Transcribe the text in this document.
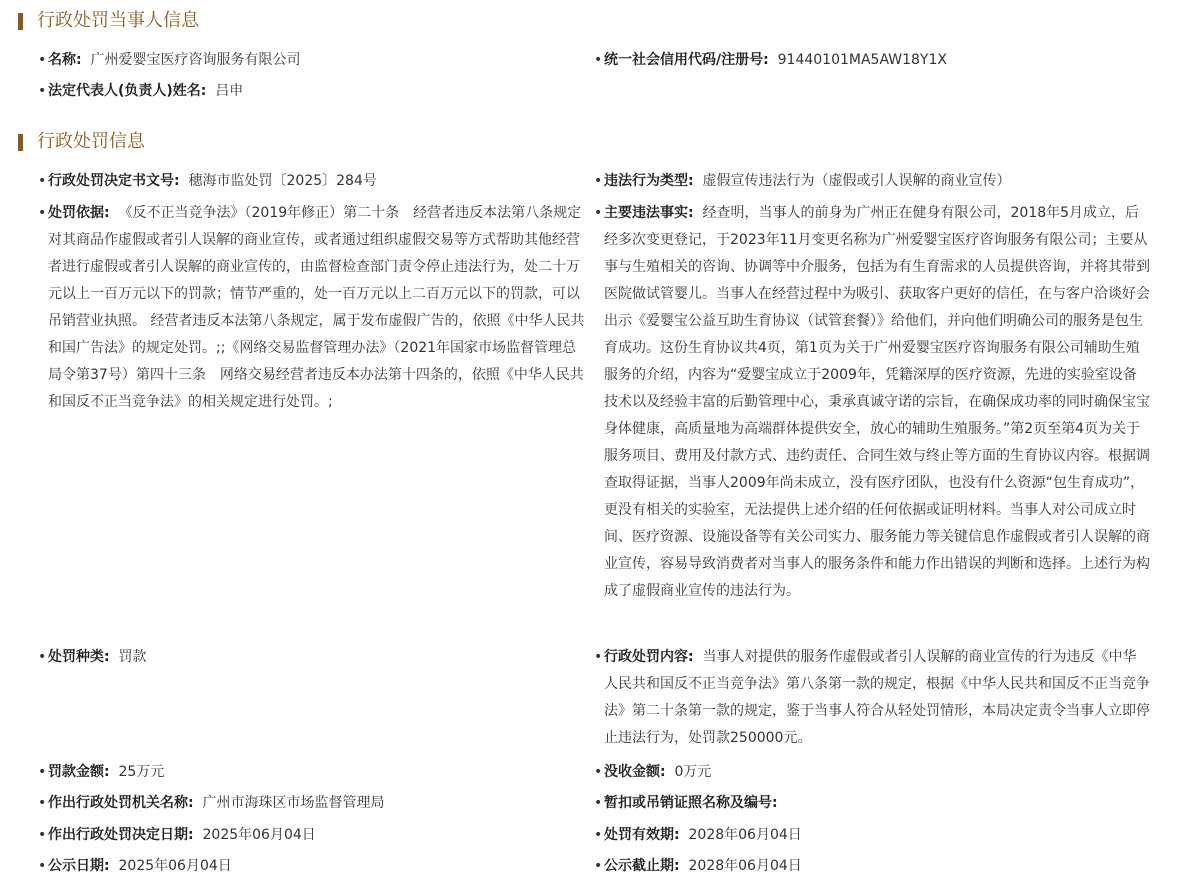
行政处罚当事人信息
• 名称: 广州爱婴宝医疗咨询服务有限公司	• 统一社会信用代码/注册号: 91440101MA5AW18Y1X
• 法定代表人(负责人)姓名: 吕申
行政处罚信息
• 行政处罚决定书文号: 穗海市监处罚〔2025〕284号	• 违法行为类型: 虚假宣传违法行为（虚假或引人误解的商业宣传）
• 处罚依据: 《反不正当竞争法》（2019年修正）第二十条　经营者违反本法第八条规定对其商品作虚假或者引人误解的商业宣传，或者通过组织虚假交易等方式帮助其他经营者进行虚假或者引人误解的商业宣传的，由监督检查部门责令停止违法行为，处二十万元以上一百万元以下的罚款；情节严重的，处一百万元以上二百万元以下的罚款，可以吊销营业执照。 经营者违反本法第八条规定，属于发布虚假广告的，依照《中华人民共和国广告法》的规定处罚。;;《网络交易监督管理办法》（2021年国家市场监督管理总局令第37号）第四十三条　网络交易经营者违反本办法第十四条的，依照《中华人民共和国反不正当竞争法》的相关规定进行处罚。;
• 主要违法事实: 经查明，当事人的前身为广州正在健身有限公司，2018年5月成立，后经多次变更登记，于2023年11月变更名称为广州爱婴宝医疗咨询服务有限公司；主要从事与生殖相关的咨询、协调等中介服务，包括为有生育需求的人员提供咨询，并将其带到医院做试管婴儿。当事人在经营过程中为吸引、获取客户更好的信任，在与客户洽谈好会出示《爱婴宝公益互助生育协议（试管套餐）》给他们，并向他们明确公司的服务是包生育成功。这份生育协议共4页，第1页为关于广州爱婴宝医疗咨询服务有限公司辅助生殖服务的介绍，内容为“爱婴宝成立于2009年，凭籍深厚的医疗资源，先进的实验室设备技术以及经验丰富的后勤管理中心，秉承真诚守诺的宗旨，在确保成功率的同时确保宝宝身体健康，高质量地为高端群体提供安全，放心的辅助生殖服务。”第2页至第4页为关于服务项目、费用及付款方式、违约责任、合同生效与终止等方面的生育协议内容。根据调查取得证据，当事人2009年尚未成立，没有医疗团队，也没有什么资源“包生育成功”，更没有相关的实验室，无法提供上述介绍的任何依据或证明材料。当事人对公司成立时间、医疗资源、设施设备等有关公司实力、服务能力等关键信息作虚假或者引人误解的商业宣传，容易导致消费者对当事人的服务条件和能力作出错误的判断和选择。上述行为构成了虚假商业宣传的违法行为。
• 处罚种类: 罚款	• 行政处罚内容: 当事人对提供的服务作虚假或者引人误解的商业宣传的行为违反《中华人民共和国反不正当竞争法》第八条第一款的规定，根据《中华人民共和国反不正当竞争法》第二十条第一款的规定，鉴于当事人符合从轻处罚情形，本局决定责令当事人立即停止违法行为，处罚款250000元。
• 罚款金额: 25万元	• 没收金额: 0万元
• 作出行政处罚机关名称: 广州市海珠区市场监督管理局	• 暂扣或吊销证照名称及编号:
• 作出行政处罚决定日期: 2025年06月04日	• 处罚有效期: 2028年06月04日
• 公示日期: 2025年06月04日	• 公示截止期: 2028年06月04日
